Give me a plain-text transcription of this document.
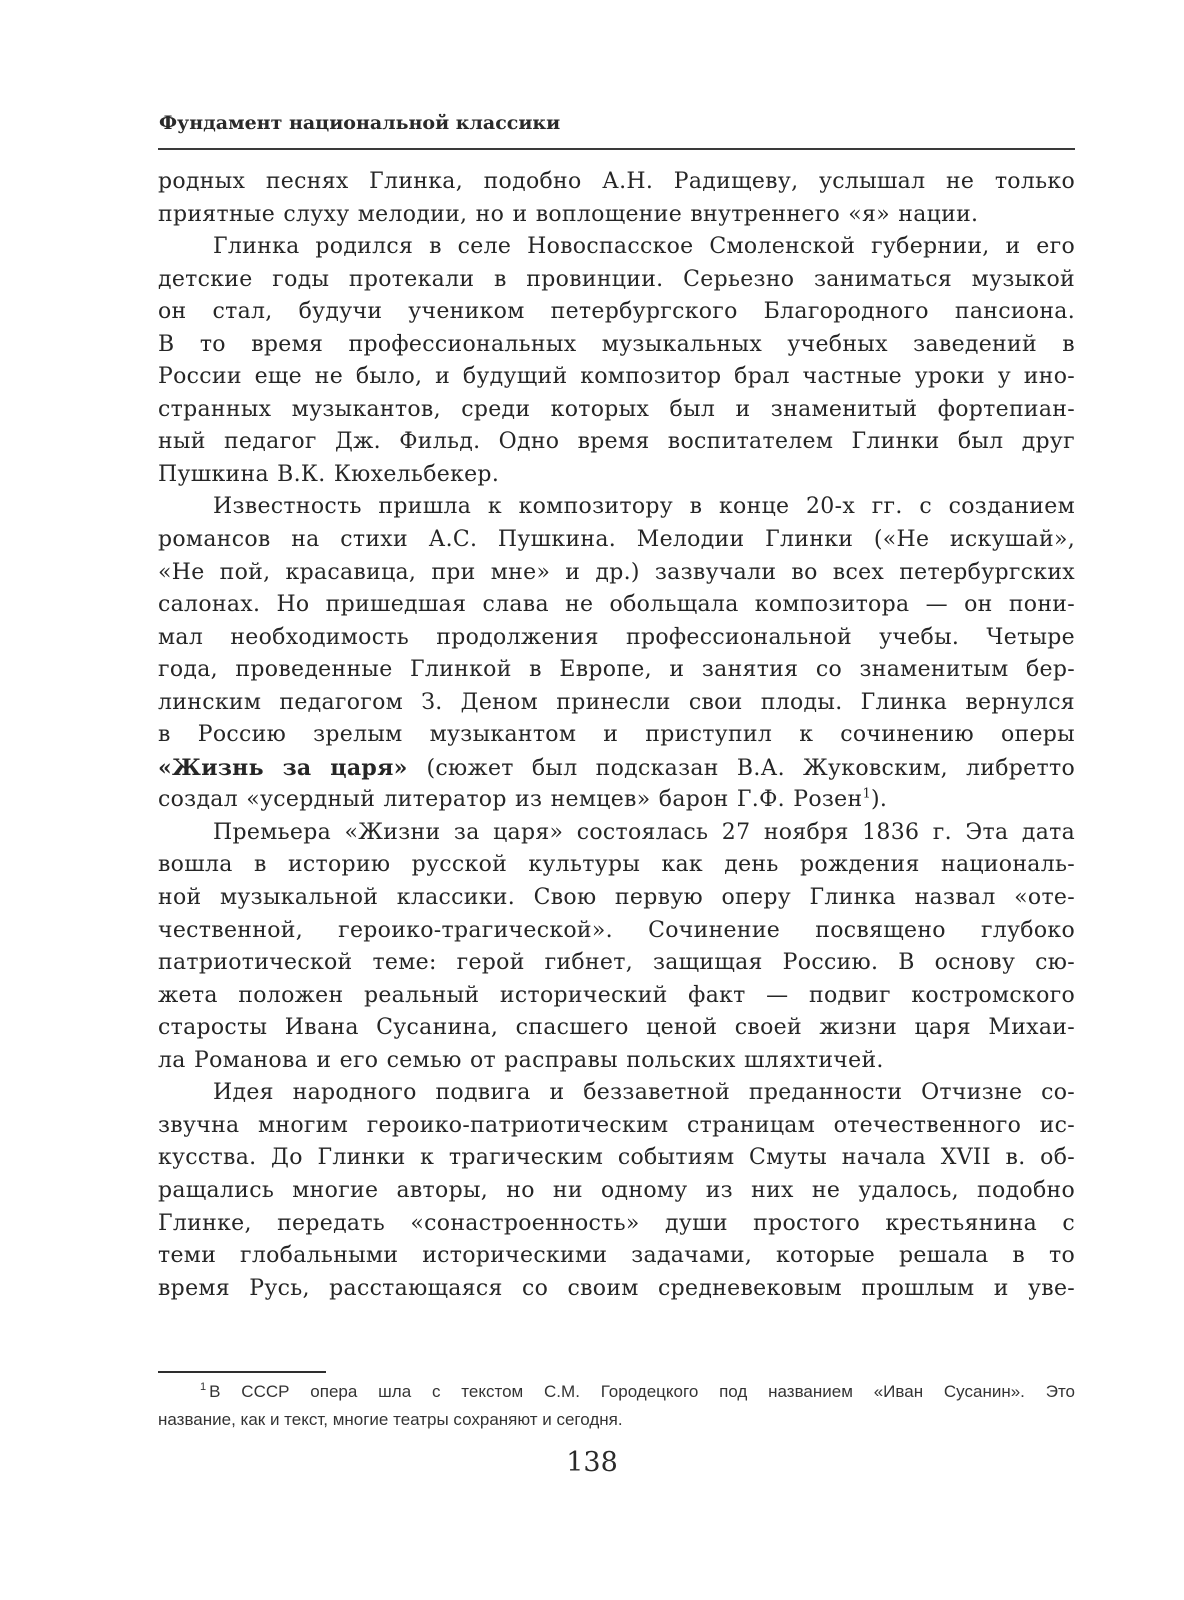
Фундамент национальной классики
родных песнях Глинка, подобно А.Н. Радищеву, услышал не только
приятные слуху мелодии, но и воплощение внутреннего «я» нации.
Глинка родился в селе Новоспасское Смоленской губернии, и его
детские годы протекали в провинции. Серьезно заниматься музыкой
он стал, будучи учеником петербургского Благородного пансиона.
В то время профессиональных музыкальных учебных заведений в
России еще не было, и будущий композитор брал частные уроки у ино-
странных музыкантов, среди которых был и знаменитый фортепиан-
ный педагог Дж. Фильд. Одно время воспитателем Глинки был друг
Пушкина В.К. Кюхельбекер.
Известность пришла к композитору в конце 20-х гг. с созданием
романсов на стихи А.С. Пушкина. Мелодии Глинки («Не искушай»,
«Не пой, красавица, при мне» и др.) зазвучали во всех петербургских
салонах. Но пришедшая слава не обольщала композитора — он пони-
мал необходимость продолжения профессиональной учебы. Четыре
года, проведенные Глинкой в Европе, и занятия со знаменитым бер-
линским педагогом З. Деном принесли свои плоды. Глинка вернулся
в Россию зрелым музыкантом и приступил к сочинению оперы
«Жизнь за царя» (сюжет был подсказан В.А. Жуковским, либретто
создал «усердный литератор из немцев» барон Г.Ф. Розен$^1$).
Премьера «Жизни за царя» состоялась 27 ноября 1836 г. Эта дата
вошла в историю русской культуры как день рождения националь-
ной музыкальной классики. Свою первую оперу Глинка назвал «оте-
чественной, героико-трагической». Сочинение посвящено глубоко
патриотической теме: герой гибнет, защищая Россию. В основу сю-
жета положен реальный исторический факт — подвиг костромского
старосты Ивана Сусанина, спасшего ценой своей жизни царя Михаи-
ла Романова и его семью от расправы польских шляхтичей.
Идея народного подвига и беззаветной преданности Отчизне со-
звучна многим героико-патриотическим страницам отечественного ис-
кусства. До Глинки к трагическим событиям Смуты начала XVII в. об-
ращались многие авторы, но ни одному из них не удалось, подобно
Глинке, передать «сонастроенность» души простого крестьянина с
теми глобальными историческими задачами, которые решала в то
время Русь, расстающаяся со своим средневековым прошлым и уве-
$^1$ В СССР опера шла с текстом С.М. Городецкого под названием «Иван Сусанин». Это
название, как и текст, многие театры сохраняют и сегодня.
138
